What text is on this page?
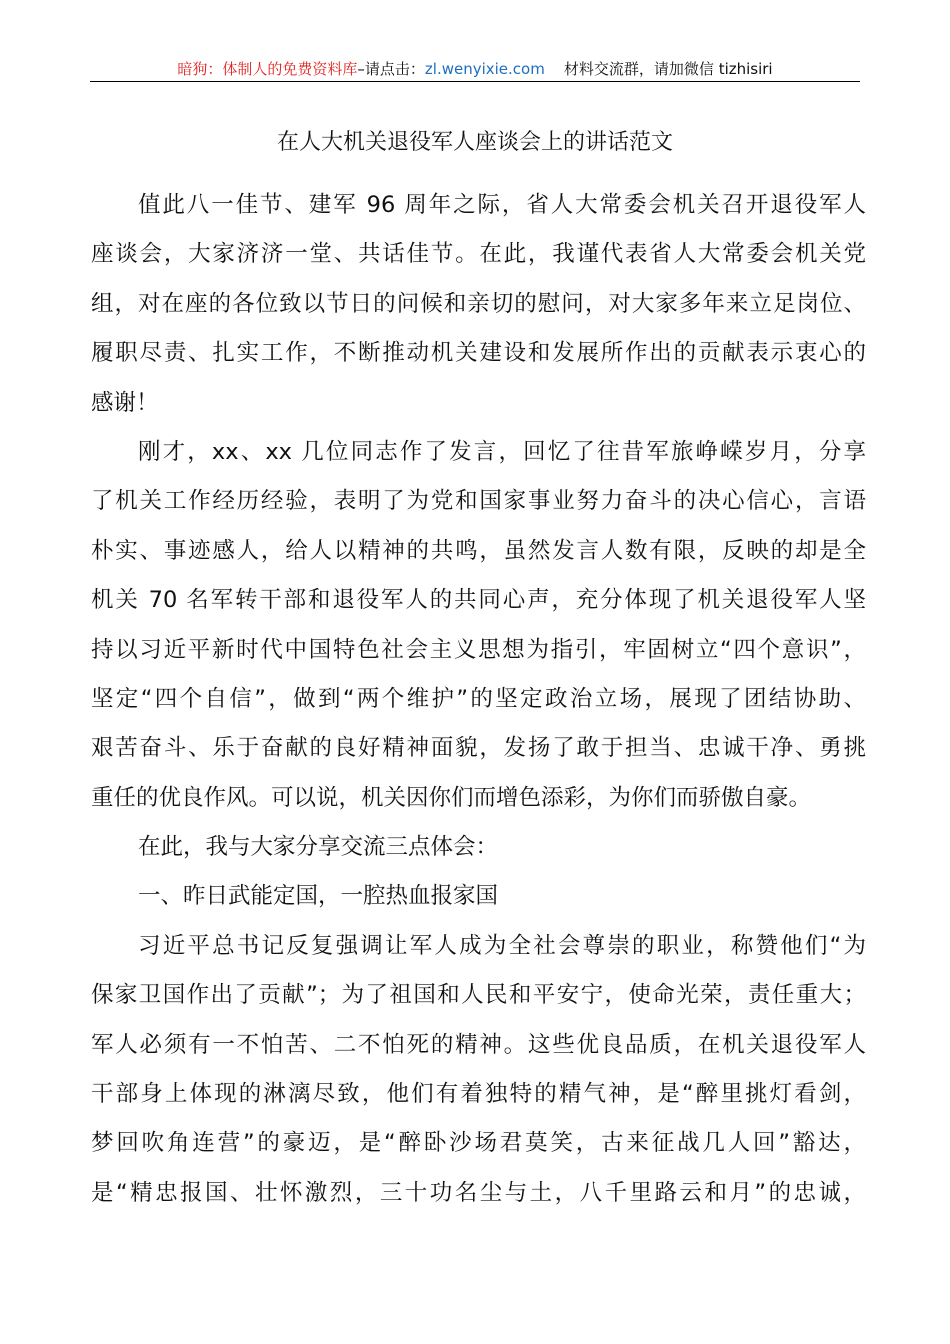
暗狗：体制人的免费资料库–请点击：zl.wenyixie.com 材料交流群，请加微信 tizhisiri
在人大机关退役军人座谈会上的讲话范文
值此八一佳节、建军 96 周年之际，省人大常委会机关召开退役军人
座谈会，大家济济一堂、共话佳节。在此，我谨代表省人大常委会机关党
组，对在座的各位致以节日的问候和亲切的慰问，对大家多年来立足岗位、
履职尽责、扎实工作，不断推动机关建设和发展所作出的贡献表示衷心的
感谢！
刚才，xx、xx 几位同志作了发言，回忆了往昔军旅峥嵘岁月，分享
了机关工作经历经验，表明了为党和国家事业努力奋斗的决心信心，言语
朴实、事迹感人，给人以精神的共鸣，虽然发言人数有限，反映的却是全
机关 70 名军转干部和退役军人的共同心声，充分体现了机关退役军人坚
持以习近平新时代中国特色社会主义思想为指引，牢固树立“四个意识”，
坚定“四个自信”，做到“两个维护”的坚定政治立场，展现了团结协助、
艰苦奋斗、乐于奋献的良好精神面貌，发扬了敢于担当、忠诚干净、勇挑
重任的优良作风。可以说，机关因你们而增色添彩，为你们而骄傲自豪。
在此，我与大家分享交流三点体会：
一、昨日武能定国，一腔热血报家国
习近平总书记反复强调让军人成为全社会尊崇的职业，称赞他们“为
保家卫国作出了贡献”；为了祖国和人民和平安宁，使命光荣，责任重大；
军人必须有一不怕苦、二不怕死的精神。这些优良品质，在机关退役军人
干部身上体现的淋漓尽致，他们有着独特的精气神，是“醉里挑灯看剑，
梦回吹角连营”的豪迈，是“醉卧沙场君莫笑，古来征战几人回”豁达，
是“精忠报国、壮怀激烈，三十功名尘与土，八千里路云和月”的忠诚，
